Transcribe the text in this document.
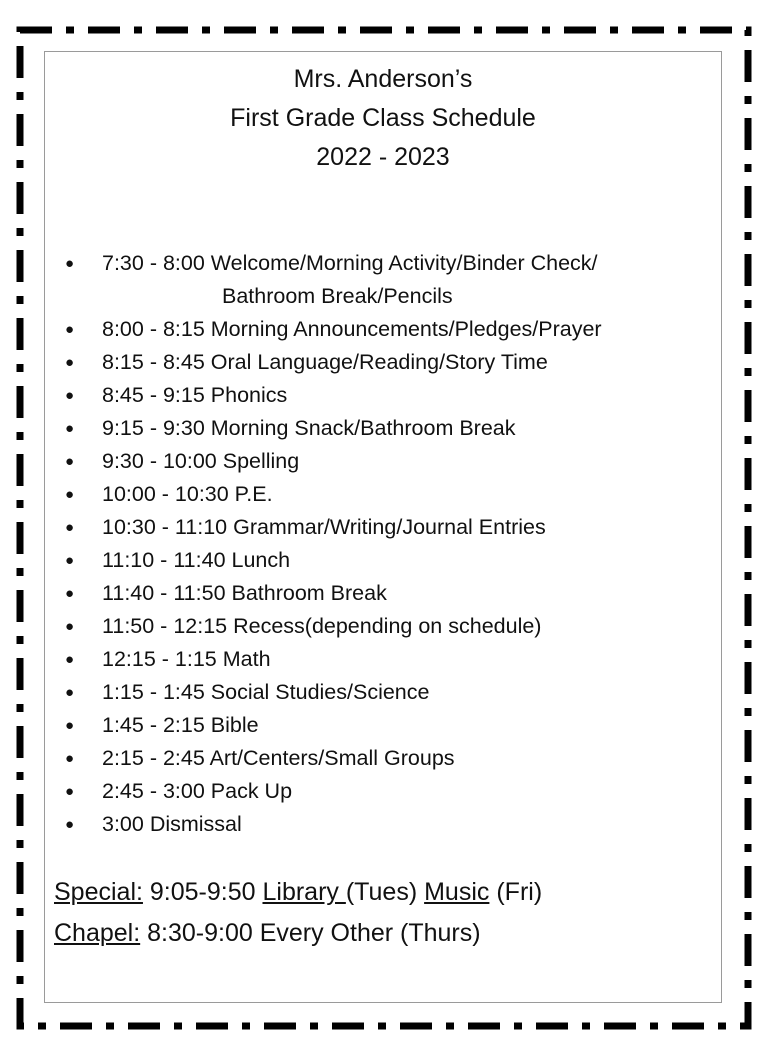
Mrs. Anderson’s
First Grade Class Schedule
2022 - 2023
● 7:30 - 8:00 Welcome/Morning Activity/Binder Check/
Bathroom Break/Pencils
● 8:00 - 8:15 Morning Announcements/Pledges/Prayer
● 8:15 - 8:45 Oral Language/Reading/Story Time
● 8:45 - 9:15 Phonics
● 9:15 - 9:30 Morning Snack/Bathroom Break
● 9:30 - 10:00 Spelling
● 10:00 - 10:30 P.E.
● 10:30 - 11:10 Grammar/Writing/Journal Entries
● 11:10 - 11:40 Lunch
● 11:40 - 11:50 Bathroom Break
● 11:50 - 12:15 Recess(depending on schedule)
● 12:15 - 1:15 Math
● 1:15 - 1:45 Social Studies/Science
● 1:45 - 2:15 Bible
● 2:15 - 2:45 Art/Centers/Small Groups
● 2:45 - 3:00 Pack Up
● 3:00 Dismissal
Special: 9:05-9:50 Library (Tues) Music (Fri)
Chapel: 8:30-9:00 Every Other (Thurs)
